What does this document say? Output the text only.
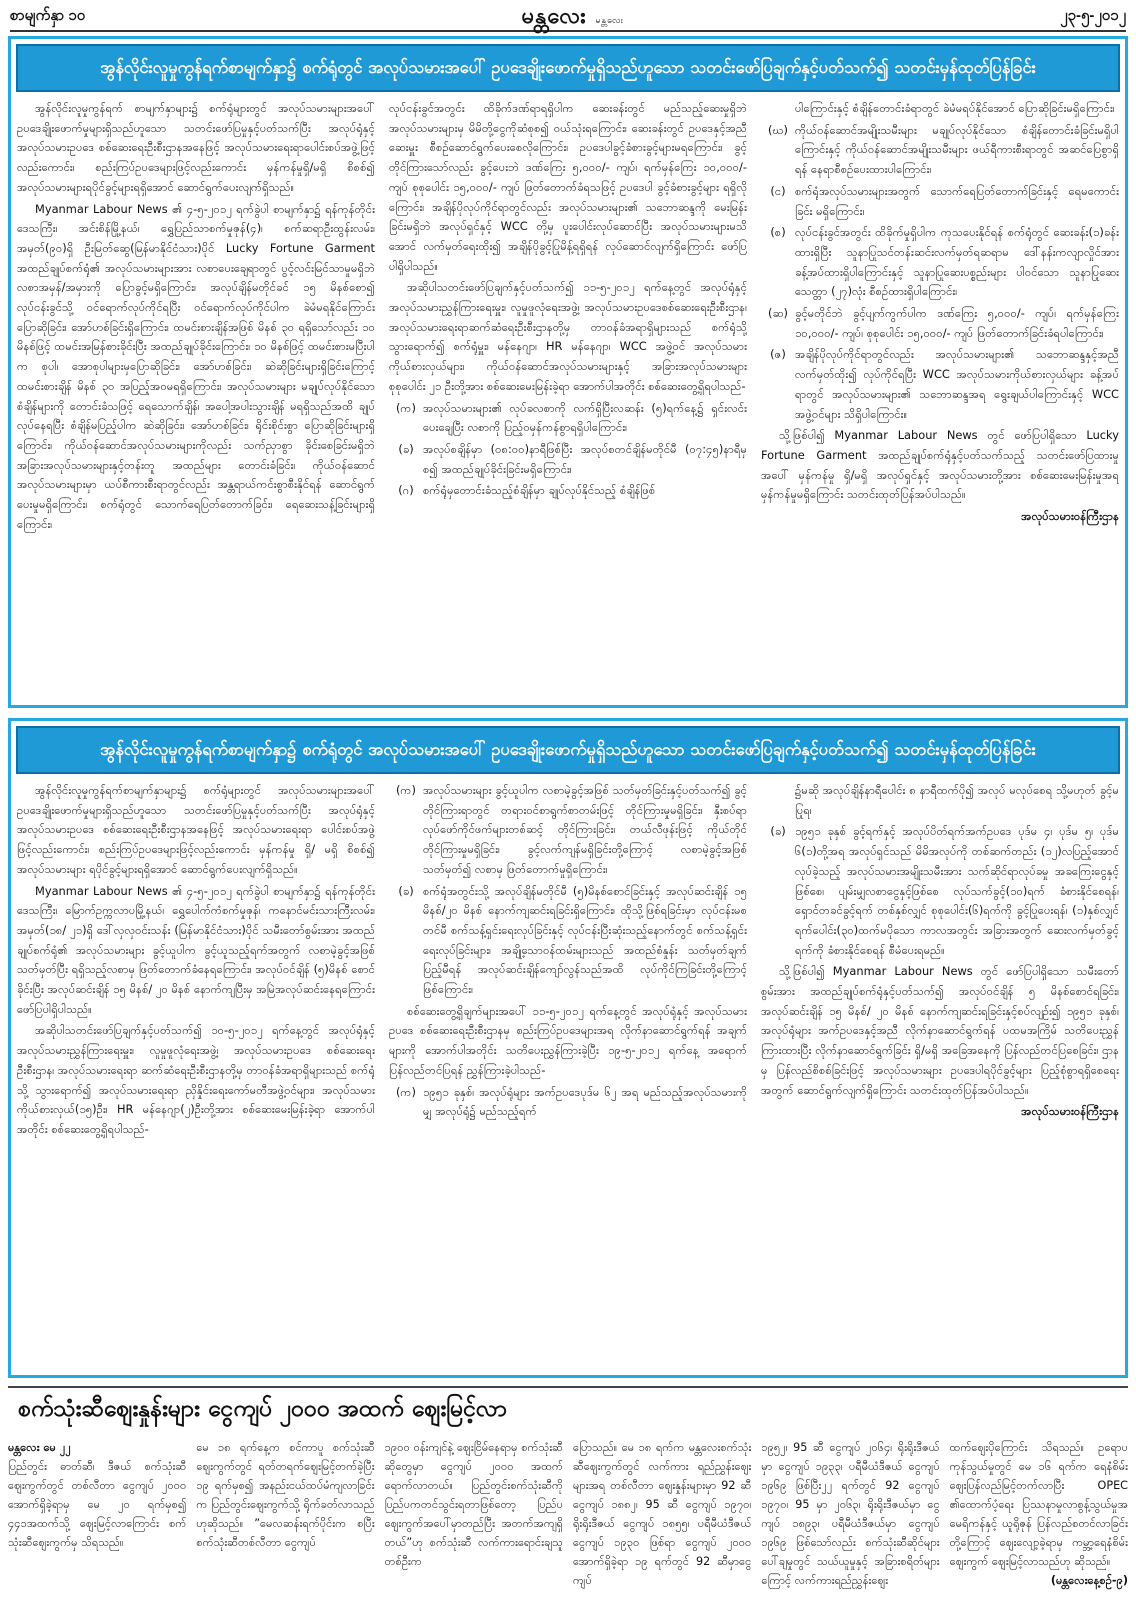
စာမျက်နှာ ၁၀	မန္တလေး မန္တလေး	၂၃-၅-၂၀၁၂
အွန်လိုင်းလူမှုကွန်ရက်စာမျက်နှာ၌ စက်ရုံတွင် အလုပ်သမားအပေါ် ဥပဒေချိုးဖောက်မှုရှိသည်ဟူသော သတင်းဖော်ပြချက်နှင့်ပတ်သက်၍ သတင်းမှန်ထုတ်ပြန်ခြင်း

အွန်လိုင်းလူမှုကွန်ရက် စာမျက်နှာများ၌ စက်ရုံများတွင် အလုပ်သမားများအပေါ် ဥပဒေချိုးဖောက်မှုများရှိသည်ဟူသော သတင်းဖော်ပြမှုနှင့်ပတ်သက်ပြီး အလုပ်ရုံနှင့်အလုပ်သမားဥပဒေ စစ်ဆေးရေးဦးစီးဌာနအနေဖြင့် အလုပ်သမားရေးရာပေါင်းစပ်အဖွဲ့ဖြင့်လည်းကောင်း၊ စည်းကြပ်ဥပဒေများဖြင့်လည်းကောင်း မှန်ကန်မှုရှိ/မရှိ စိစစ်၍ အလုပ်သမားများရပိုင်ခွင့်များရရှိအောင် ဆောင်ရွက်ပေးလျက်ရှိသည်။

Myanmar Labour News ၏ ၄-၅-၂၀၁၂ ရက်ခွဲပါ စာမျက်နှာ၌ ရန်ကုန်တိုင်းဒေသကြီး၊ အင်းစိန်မြို့နယ်၊ ရွှေပြည်သာစက်မှုဇုန်(၄)၊ စက်ဆရာဦးထွန်းလမ်း၊ အမှတ်(၉၀)ရှိ ဦးမြတ်ဆွေ(မြန်မာနိုင်ငံသား)ပိုင် Lucky Fortune Garment အထည်ချုပ်စက်ရုံ၏ အလုပ်သမားများအား လစာပေးချေရာတွင် ပွင့်လင်းမြင်သာမှုမရှိဘဲ လစာအမှန်/အမှားကို ပြောခွင့်မရှိကြောင်း၊ အလုပ်ချိန်မတိုင်ခင် ၁၅ မိနစ်စော၍ လုပ်ငန်းခွင်သို့ ဝင်ရောက်လုပ်ကိုင်ရပြီး ဝင်ရောက်လုပ်ကိုင်ပါက ခဲမံမရနိုင်ကြောင်း ပြောဆိုခြင်း၊ အော်ဟစ်ခြင်းရှိကြောင်း၊ ထမင်းစားချိန်အဖြစ် မိနစ် ၃၀ ရရှိသော်လည်း ၁၀ မိနစ်ဖြင့် ထမင်းအမြန်စားခိုင်းပြီး အထည်ချုပ်ခိုင်းကြောင်း၊ ၁၀ မိနစ်ဖြင့် ထမင်းစားမပြီးပါက စုပါ၊ အောစုပါများမှပြောဆိုခြင်း၊ အော်ဟစ်ခြင်း၊ ဆဲဆိုခြင်းများရှိခြင်းကြောင့် ထမင်းစားချိန် မိနစ် ၃၀ အပြည့်အဝမရရှိကြောင်း၊ အလုပ်သမားများ မချုပ်လုပ်နိုင်သောစံချိန်များကို တောင်းခံသဖြင့် ရေသောက်ချိန်၊ အပေါ့အပါးသွားချိန် မရရှိသည်အထိ ချုပ်လုပ်နေရပြီး စံချိန်မပြည့်ပါက ဆဲဆိုခြင်း၊ အော်ဟစ်ခြင်း၊ ရိုင်းစိုင်းစွာ ပြောဆိုခြင်းများရှိကြောင်း၊ ကိုယ်ဝန်ဆောင်အလုပ်သမားများကိုလည်း သက်ညှာစွာ ခိုင်းစေခြင်းမရှိဘဲ အခြားအလုပ်သမားများနှင့်တန်းတူ အထည်များ တောင်းခံခြင်း၊ ကိုယ်ဝန်ဆောင်အလုပ်သမားများမှာ ယပ်စီကားစီးရာတွင်လည်း အန္တရာယ်ကင်းစွာစီးနိုင်ရန် ဆောင်ရွက်ပေးမှုမရှိကြောင်း၊ စက်ရုံတွင် သောက်ရေပြတ်တောက်ခြင်း၊ ရေဆေးသန့်ခြင်းများရှိကြောင်း၊

လုပ်ငန်းခွင်အတွင်း ထိခိုက်ဒဏ်ရာရရှိပါက ဆေးခန်းတွင် မည်သည့်ဆေးမှုရှိဘဲ အလုပ်သမားများမှ မိမိတို့ငွေကိုဆံစုစ၍ ဝယ်သုံးရကြောင်း၊ ဆေးခန်းတွင် ဥပဒေနှင့်အညီ ဆေးမှူး စီစဉ်ဆောင်ရွက်ပေးစေလိုကြောင်း၊ ဥပဒေပါခွင့်ခံစားခွင့်များမရကြောင်း၊ ခွင့်တိုင်ကြားသော်လည်း ခွင့်ပေးဘဲ ဒဏ်ကြေး ၅,၀၀၀/- ကျပ်၊ ရက်မှန်ကြေး ၁၀,၀၀၀/- ကျပ် စုစုပေါင်း ၁၅,၀၀၀/- ကျပ် ဖြတ်တောက်ခံရသဖြင့် ဥပဒေပါ ခွင့်ခံစားခွင့်များ ရရှိလိုကြောင်း၊ အချိန်ပိုလုပ်ကိုင်ရာတွင်လည်း အလုပ်သမားများ၏ သဘောဆန္ဒကို မေးမြန်းခြင်းမရှိဘဲ အလုပ်ရှင်နှင့် WCC တို့မှ ပူးပေါင်းလုပ်ဆောင်ပြီး အလုပ်သမားများမသိအောင် လက်မှတ်ရေးထိုး၍ အချိန်ပိုခွင့်ပြုမိန့်ရရှိရန် လုပ်ဆောင်လျက်ရှိကြောင်း ဖော်ပြပါရှိပါသည်။

အဆိုပါသတင်းဖော်ပြချက်နှင့်ပတ်သက်၍ ၁၁-၅-၂၀၁၂ ရက်နေ့တွင် အလုပ်ရုံနှင့် အလုပ်သမားညွှန်ကြားရေးမှူး၊ လူမှုဖူလုံရေးအဖွဲ့၊ အလုပ်သမားဥပဒေစစ်ဆေးရေးဦးစီးဌာန၊ အလုပ်သမားရေးရာဆက်ဆံရေးဦးစီးဌာနတို့မှ တာဝန်ခံအရာရှိများသည် စက်ရုံသို့သွားရောက်၍ စက်ရုံမှူး၊ မန်နေဂျာ၊ HR မန်နေဂျာ၊ WCC အဖွဲ့ဝင် အလုပ်သမားကိုယ်စားလှယ်များ၊ ကိုယ်ဝန်ဆောင်အလုပ်သမားများနှင့် အခြားအလုပ်သမားများ စုစုပေါင်း ၂၁ ဦးတို့အား စစ်ဆေးမေးမြန်းခဲ့ရာ အောက်ပါအတိုင်း စစ်ဆေးတွေ့ရှိရပါသည်-

(က) အလုပ်သမားများ၏ လုပ်ခလစာကို လက်ရှိပြီးလဆန်း (၅)ရက်နေ့၌ ရှင်းလင်းပေးချေပြီး လစာကို ပြည့်ဝမှန်ကန်စွာရရှိပါကြောင်း၊
(ခ) အလုပ်စချိန်မှာ (၀၈:၀၀)နာရီဖြစ်ပြီး အလုပ်စတင်ချိန်မတိုင်မီ (၀၇:၄၅)နာရီမှစ၍ အထည်ချုပ်ခိုင်းခြင်းမရှိကြောင်း၊
(ဂ) စက်ရုံမှတောင်းခံသည့်စံချိန်မှာ ချုပ်လုပ်နိုင်သည့် စံချိန်ဖြစ်
ပါကြောင်းနှင့် စံချိန်တောင်းခံရာတွင် ခဲမံမရပ်နိုင်အောင် ပြောဆိုခြင်းမရှိကြောင်း၊
(ဃ) ကိုယ်ဝန်ဆောင်အမျိုးသမီးများ မချုပ်လုပ်နိုင်သော စံချိန်တောင်းခံခြင်းမရှိပါကြောင်းနှင့် ကိုယ်ဝန်ဆောင်အမျိုးသမီးများ ဖယ်ရီကားစီးရာတွင် အဆင်ပြေစွာရှိရန် နေရာစီစဉ်ပေးထားပါကြောင်း၊
(င) စက်ရုံအလုပ်သမားများအတွက် သောက်ရေပြတ်တောက်ခြင်းနှင့် ရေမကောင်းခြင်း မရှိကြောင်း၊
(စ) လုပ်ငန်းခွင်အတွင်း ထိခိုက်မှုရှိပါက ကုသပေးနိုင်ရန် စက်ရုံတွင် ဆေးခန်း(၁)ခန်း ထားရှိပြီး သူနာပြုသင်တန်းဆင်းလက်မှတ်ရဆရာမ ဒေါ်နန်းကလျာလှိုင်အား ခန့်အပ်ထားရှိပါကြောင်းနှင့် သူနာပြုဆေးပစ္စည်းများ ပါဝင်သော သူနာပြုဆေးသေတ္တာ (၂၇)လုံး စီစဉ်ထားရှိပါကြောင်း၊
(ဆ) ခွင့်မတိုင်ဘဲ ခွင့်ပျက်ကွက်ပါက ဒဏ်ကြေး ၅,၀၀၀/- ကျပ်၊ ရက်မှန်ကြေး ၁၀,၀၀၀/- ကျပ်၊ စုစုပေါင်း ၁၅,၀၀၀/- ကျပ် ဖြတ်တောက်ခြင်းခံရပါကြောင်း၊
(ဇ) အချိန်ပိုလုပ်ကိုင်ရာတွင်လည်း အလုပ်သမားများ၏ သဘောဆန္ဒနှင့်အညီ လက်မှတ်ထိုး၍ လုပ်ကိုင်ရပြီး WCC အလုပ်သမားကိုယ်စားလှယ်များ ခန့်အပ်ရာတွင် အလုပ်သမားများ၏ သဘောဆန္ဒအရ ရွေးချယ်ပါကြောင်းနှင့် WCC အဖွဲ့ဝင်များ သိရှိပါကြောင်း။

သို့ဖြစ်ပါ၍ Myanmar Labour News တွင် ဖော်ပြပါရှိသော Lucky Fortune Garment အထည်ချုပ်စက်ရုံနှင့်ပတ်သက်သည့် သတင်းဖော်ပြထားမှုအပေါ် မှန်ကန်မှု ရှိ/မရှိ အလုပ်ရှင်နှင့် အလုပ်သမားတို့အား စစ်ဆေးမေးမြန်းမှုအရ မှန်ကန်မှုမရှိကြောင်း သတင်းထုတ်ပြန်အပ်ပါသည်။

အလုပ်သမားဝန်ကြီးဌာန
အွန်လိုင်းလူမှုကွန်ရက်စာမျက်နှာ၌ စက်ရုံတွင် အလုပ်သမားအပေါ် ဥပဒေချိုးဖောက်မှုရှိသည်ဟူသော သတင်းဖော်ပြချက်နှင့်ပတ်သက်၍ သတင်းမှန်ထုတ်ပြန်ခြင်း

အွန်လိုင်းလူမှုကွန်ရက်စာမျက်နှာများ၌ စက်ရုံများတွင် အလုပ်သမားများအပေါ် ဥပဒေချိုးဖောက်မှုများရှိသည်ဟူသော သတင်းဖော်ပြမှုနှင့်ပတ်သက်ပြီး အလုပ်ရုံနှင့် အလုပ်သမားဥပဒေ စစ်ဆေးရေးဦးစီးဌာနအနေဖြင့် အလုပ်သမားရေးရာ ပေါင်းစပ်အဖွဲ့ဖြင့်လည်းကောင်း၊ စည်းကြပ်ဥပဒေများဖြင့်လည်းကောင်း မှန်ကန်မှု ရှိ/ မရှိ စိစစ်၍ အလုပ်သမားများ ရပိုင်ခွင့်များရရှိအောင် ဆောင်ရွက်ပေးလျက်ရှိသည်။

Myanmar Labour News ၏ ၄-၅-၂၀၁၂ ရက်ခွဲပါ စာမျက်နှာ၌ ရန်ကုန်တိုင်းဒေသကြီး၊ မြောက်ဥက္ကလာပမြို့နယ်၊ ရွှေပေါက်ကံစက်မှုဇုန်၊ ကနောင်မင်းသားကြီးလမ်း၊ အမှတ်(၁၈/ ၂၁)ရှိ ဒေါ်လှလှဝင်းသန်း (မြန်မာနိုင်ငံသား)ပိုင် သမီးတော်စွမ်းအား အထည်ချုပ်စက်ရုံ၏ အလုပ်သမားများ ခွင့်ယူပါက ခွင့်ယူသည့်ရက်အတွက် လစာမဲ့ခွင့်အဖြစ် သတ်မှတ်ပြီး ရရှိသည့်လစာမှ ဖြတ်တောက်ခံနေရကြောင်း၊ အလုပ်ဝင်ချိန် (၅)မိနစ် စောင်ခိုင်းပြီး အလုပ်ဆင်းချိန် ၁၅ မိနစ်/ ၂၀ မိနစ် နောက်ကျပြီးမှ အမြဲအလုပ်ဆင်းနေရကြောင်း ဖော်ပြပါရှိပါသည်။

အဆိုပါသတင်းဖော်ပြချက်နှင့်ပတ်သက်၍ ၁၀-၅-၂၀၁၂ ရက်နေ့တွင် အလုပ်ရုံနှင့် အလုပ်သမားညွှန်ကြားရေးမှူး၊ လူမှုဖူလုံရေးအဖွဲ့၊ အလုပ်သမားဥပဒေ စစ်ဆေးရေးဦးစီးဌာန၊ အလုပ်သမားရေးရာ ဆက်ဆံရေးဦးစီးဌာနတို့မှ တာဝန်ခံအရာရှိများသည် စက်ရုံသို့ သွားရောက်၍ အလုပ်သမားရေးရာ ညှိနှိုင်းရေးကော်မတီအဖွဲ့ဝင်များ၊ အလုပ်သမားကိုယ်စားလှယ်(၁၅)ဦး၊ HR မန်နေဂျာ(၂)ဦးတို့အား စစ်ဆေးမေးမြန်းခဲ့ရာ အောက်ပါအတိုင်း စစ်ဆေးတွေ့ရှိရပါသည်-

(က) အလုပ်သမားများ ခွင့်ယူပါက လစာမဲ့ခွင့်အဖြစ် သတ်မှတ်ခြင်းနှင့်ပတ်သက်၍ ခွင့်တိုင်ကြားရာတွင် တရားဝင်စာရွက်စာတမ်းဖြင့် တိုင်ကြားမှုမရှိခြင်း၊ နှီးစပ်ရာလုပ်ဖော်ကိုင်ဖက်များတစ်ဆင့် တိုင်ကြားခြင်း၊ တယ်လီဖုန်းဖြင့် ကိုယ်တိုင်တိုင်ကြားမှုမရှိခြင်း၊ ခွင့်လက်ကျန်မရှိခြင်းတို့ကြောင့် လစာမဲ့ခွင့်အဖြစ် သတ်မှတ်၍ လစာမှ ဖြတ်တောက်မှုရှိကြောင်း၊
(ခ) စက်ရုံအတွင်းသို့ အလုပ်ချိန်မတိုင်မီ (၅)မိနစ်စောင်ခြင်းနှင့် အလုပ်ဆင်းချိန် ၁၅ မိနစ်/၂၀ မိနစ် နောက်ကျဆင်းရခြင်းရှိကြောင်း၊ ထိုသို့ဖြစ်ရခြင်းမှာ လုပ်ငန်းမစတင်မီ စက်သန့်ရှင်းရေးလုပ်ခြင်းနှင့် လုပ်ငန်းပြီးဆုံးသည့်နောက်တွင် စက်သန့်ရှင်းရေးလုပ်ခြင်းများ၊ အချို့သောဝန်ထမ်းများသည် အထည်စံနှုန်း သတ်မှတ်ချက်ပြည့်မီရန် အလုပ်ဆင်းချိန်ကျော်လွန်သည်အထိ လုပ်ကိုင်ကြခြင်းတို့ကြောင့်ဖြစ်ကြောင်း၊

စစ်ဆေးတွေ့ရှိချက်များအပေါ် ၁၁-၅-၂၀၁၂ ရက်နေ့တွင် အလုပ်ရုံနှင့် အလုပ်သမားဥပဒေ စစ်ဆေးရေးဦးစီးဌာနမှ စည်းကြပ်ဥပဒေများအရ လိုက်နာဆောင်ရွက်ရန် အချက်များကို အောက်ပါအတိုင်း သတိပေးညွှန်ကြားခဲ့ပြီး ၁၉-၅-၂၀၁၂ ရက်နေ့ အရောက် ပြန်လည်တင်ပြရန် ညွှန်ကြားခဲ့ပါသည်-

(က) ၁၉၅၁ ခုနှစ်၊ အလုပ်ရုံများ အက်ဥပဒေပုဒ်မ ၆၂ အရ မည်သည့်အလုပ်သမားကိုမျှ အလုပ်ရုံ၌ မည်သည့်ရက်
၌မဆို အလုပ်ချိန်နာရီပေါင်း ၈ နာရီထက်ပို၍ အလုပ် မလုပ်စေရ သို့မဟုတ် ခွင့်မပြုရ၊
(ခ) ၁၉၅၁ ခုနှစ် ခွင့်ရက်နှင့် အလုပ်ပိတ်ရက်အက်ဥပဒေ ပုဒ်မ ၄၊ ပုဒ်မ ၅၊ ပုဒ်မ ၆(၁)တို့အရ အလုပ်ရှင်သည် မိမိအလုပ်ကို တစ်ဆက်တည်း (၁၂)လပြည့်အောင် လုပ်ခဲ့သည့် အလုပ်သမားအမျိုးသမီးအား သက်ဆိုင်ရာလုပ်ခမှု အခကြေးငွေနှင့်ဖြစ်စေ၊ ပျမ်းမျှလစာငွေနှင့်ဖြစ်စေ လုပ်သက်ခွင့်(၁၀)ရက် ခံစားနိုင်စေရန်၊ ရှောင်တခင်ခွင့်ရက် တစ်နှစ်လျှင် စုစုပေါင်း(၆)ရက်ကို ခွင့်ပြုပေးရန်၊ (၁)နှစ်လျှင် ရက်ပေါင်း(၃၀)ထက်မပိုသော ကာလအတွင်း အခြားအတွက် ဆေးလက်မှတ်ခွင့်ရက်ကို ခံစားနိုင်စေရန် စီမံပေးရမည်။

သို့ဖြစ်ပါ၍ Myanmar Labour News တွင် ဖော်ပြပါရှိသော သမီးတော်စွမ်းအား အထည်ချုပ်စက်ရုံနှင့်ပတ်သက်၍ အလုပ်ဝင်ချိန် ၅ မိနစ်စောင်ရခြင်း၊ အလုပ်ဆင်းချိန် ၁၅ မိနစ်/ ၂၀ မိနစ် နောက်ကျဆင်းရခြင်းနှင့်စပ်လျဉ်း၍ ၁၉၅၁ ခုနှစ်၊ အလုပ်ရုံများ အက်ဥပဒေနှင့်အညီ လိုက်နာဆောင်ရွက်ရန် ပထမအကြိမ် သတိပေးညွှန်ကြားထားပြီး လိုက်နာဆောင်ရွက်ခြင်း ရှိ/မရှိ အခြေအနေကို ပြန်လည်တင်ပြစေခြင်း၊ ဌာနမှ ပြန်လည်စိစစ်ခြင်းဖြင့် အလုပ်သမားများ ဥပဒေပါရပိုင်ခွင့်များ ပြည့်စုံစွာရရှိစေရေးအတွက် ဆောင်ရွက်လျက်ရှိကြောင်း သတင်းထုတ်ပြန်အပ်ပါသည်။

အလုပ်သမားဝန်ကြီးဌာန
စက်သုံးဆီဈေးနှုန်းများ ငွေကျပ် ၂၀၀၀ အထက် ဈေးမြင့်လာ

မန္တလေး မေ ၂၂

ပြည်တွင်း ဓာတ်ဆီ၊ ဒီဇယ် စက်သုံးဆီဈေးကွက်တွင် တစ်လီတာ ငွေကျပ် ၂၀၀၀ အောက်ရှိခဲ့ရာမှ မေ ၂၀ ရက်မှစ၍ ၄၄၁အထက်သို့ ဈေးမြင့်လာကြောင်း စက်သုံးဆီဈေးကွက်မှ သိရသည်။

မေ ၁၈ ရက်နေ့က စင်ကာပူ စက်သုံးဆီ ဈေးကွက်တွင် ရတ်တရက်ဈေးမြင့်တက်ခဲ့ပြီး ၁၉ ရက်မှစ၍ အနည်းငယ်ထပ်မံကျလာခြင်းက ပြည်တွင်းဈေးကွက်သို့ ရိုက်ခတ်လာသည်ဟုဆိုသည်။ ”မေလဆန်းရက်ပိုင်းက စပြီး စက်သုံးဆီတစ်လီတာ ငွေကျပ်

၁၉၀၀ ဝန်းကျင်နဲ့ ဈေးငြိမ်နေရာမှ စက်သုံးဆီဆိုတွေမှာ ငွေကျပ် ၂၀၀၀ အထက် ရောက်လာတယ်။ ပြည်တွင်းစက်သုံးဆီကို ပြည်ပကတင်သွင်းရတာဖြစ်တော့ ပြည်ပဈေးကွက်အပေါ်မှာတည်ပြီး အတက်အကျရှိတယ်”ဟု စက်သုံးဆီ လက်ကားရောင်းချသူတစ်ဦးက

ပြောသည်။ မေ ၁၈ ရက်က မန္တလေးစက်သုံးဆီဈေးကွက်တွင် လက်ကား ရည်ညွှန်းဈေးများအရ တစ်လီတာ ဈေးနှုန်းများမှာ 92 ဆီ ငွေကျပ် ၁၈၈၂၊ 95 ဆီ ငွေကျပ် ၁၉၇၀၊ ရိုးရိုးဒီဇယ် ငွေကျပ် ၁၈၅၅၊ ပရီမီယံဒီဇယ် ငွေကျပ် ၁၉၃၀ ဖြစ်ရာ ငွေကျပ် ၂၀၀၀ အောက်ရှိခဲ့ရာ ၁၉ ရက်တွင် 92 ဆီမှာငွေကျပ်

၁၉၅၂၊ 95 ဆီ ငွေကျပ် ၂၀၆၄၊ ရိုးရိုးဒီဇယ်မှာ ငွေကျပ် ၁၉၃၃၊ ပရီမီယံဒီဇယ် ငွေကျပ် ၁၉၆၉ ဖြစ်ပြီး၂၂ ရက်တွင် 92 ငွေကျပ် ၁၉၇၀၊ 95 မှာ ၂၀၆၃၊ ရိုးရိုးဒီဇယ်မှာ ငွေကျပ် ၁၈၉၃၊ ပရီမီယံဒီဇယ်မှာ ငွေကျပ် ၁၉၆၉ ဖြစ်သော်လည်း စက်သုံးဆီဆိုင်များပေါ်ချမှုတွင် သယ်ယူမှုနှင့် အခြားစရိတ်များကြောင့် လက်ကားရည်ညွှန်းဈေး

ထက်ဈေးပိုကြောင်း သိရသည်။ ဥရောပကုန်သွယ်မှုတွင် မေ ၁၆ ရက်က ရေနံစိမ်းဈေးပြန်လည်မြင့်တက်လာပြီး OPEC ၏ထောက်ပံ့ရေး ပြဿနာမှုလာစွန့်သွယ်မှုအမေရိကန်နှင့် ယူရိုဇုန် ပြန်လည်စတင်လာခြင်းတို့ကြောင့် ဈေးလျော့ခဲ့ရာမှ ကမ္ဘာ့ရေနံစိမ်းဈေးကွက် ဈေးမြင့်လာသည်ဟု ဆိုသည်။

(မန္တလေးနေ့စဉ်-၉)
